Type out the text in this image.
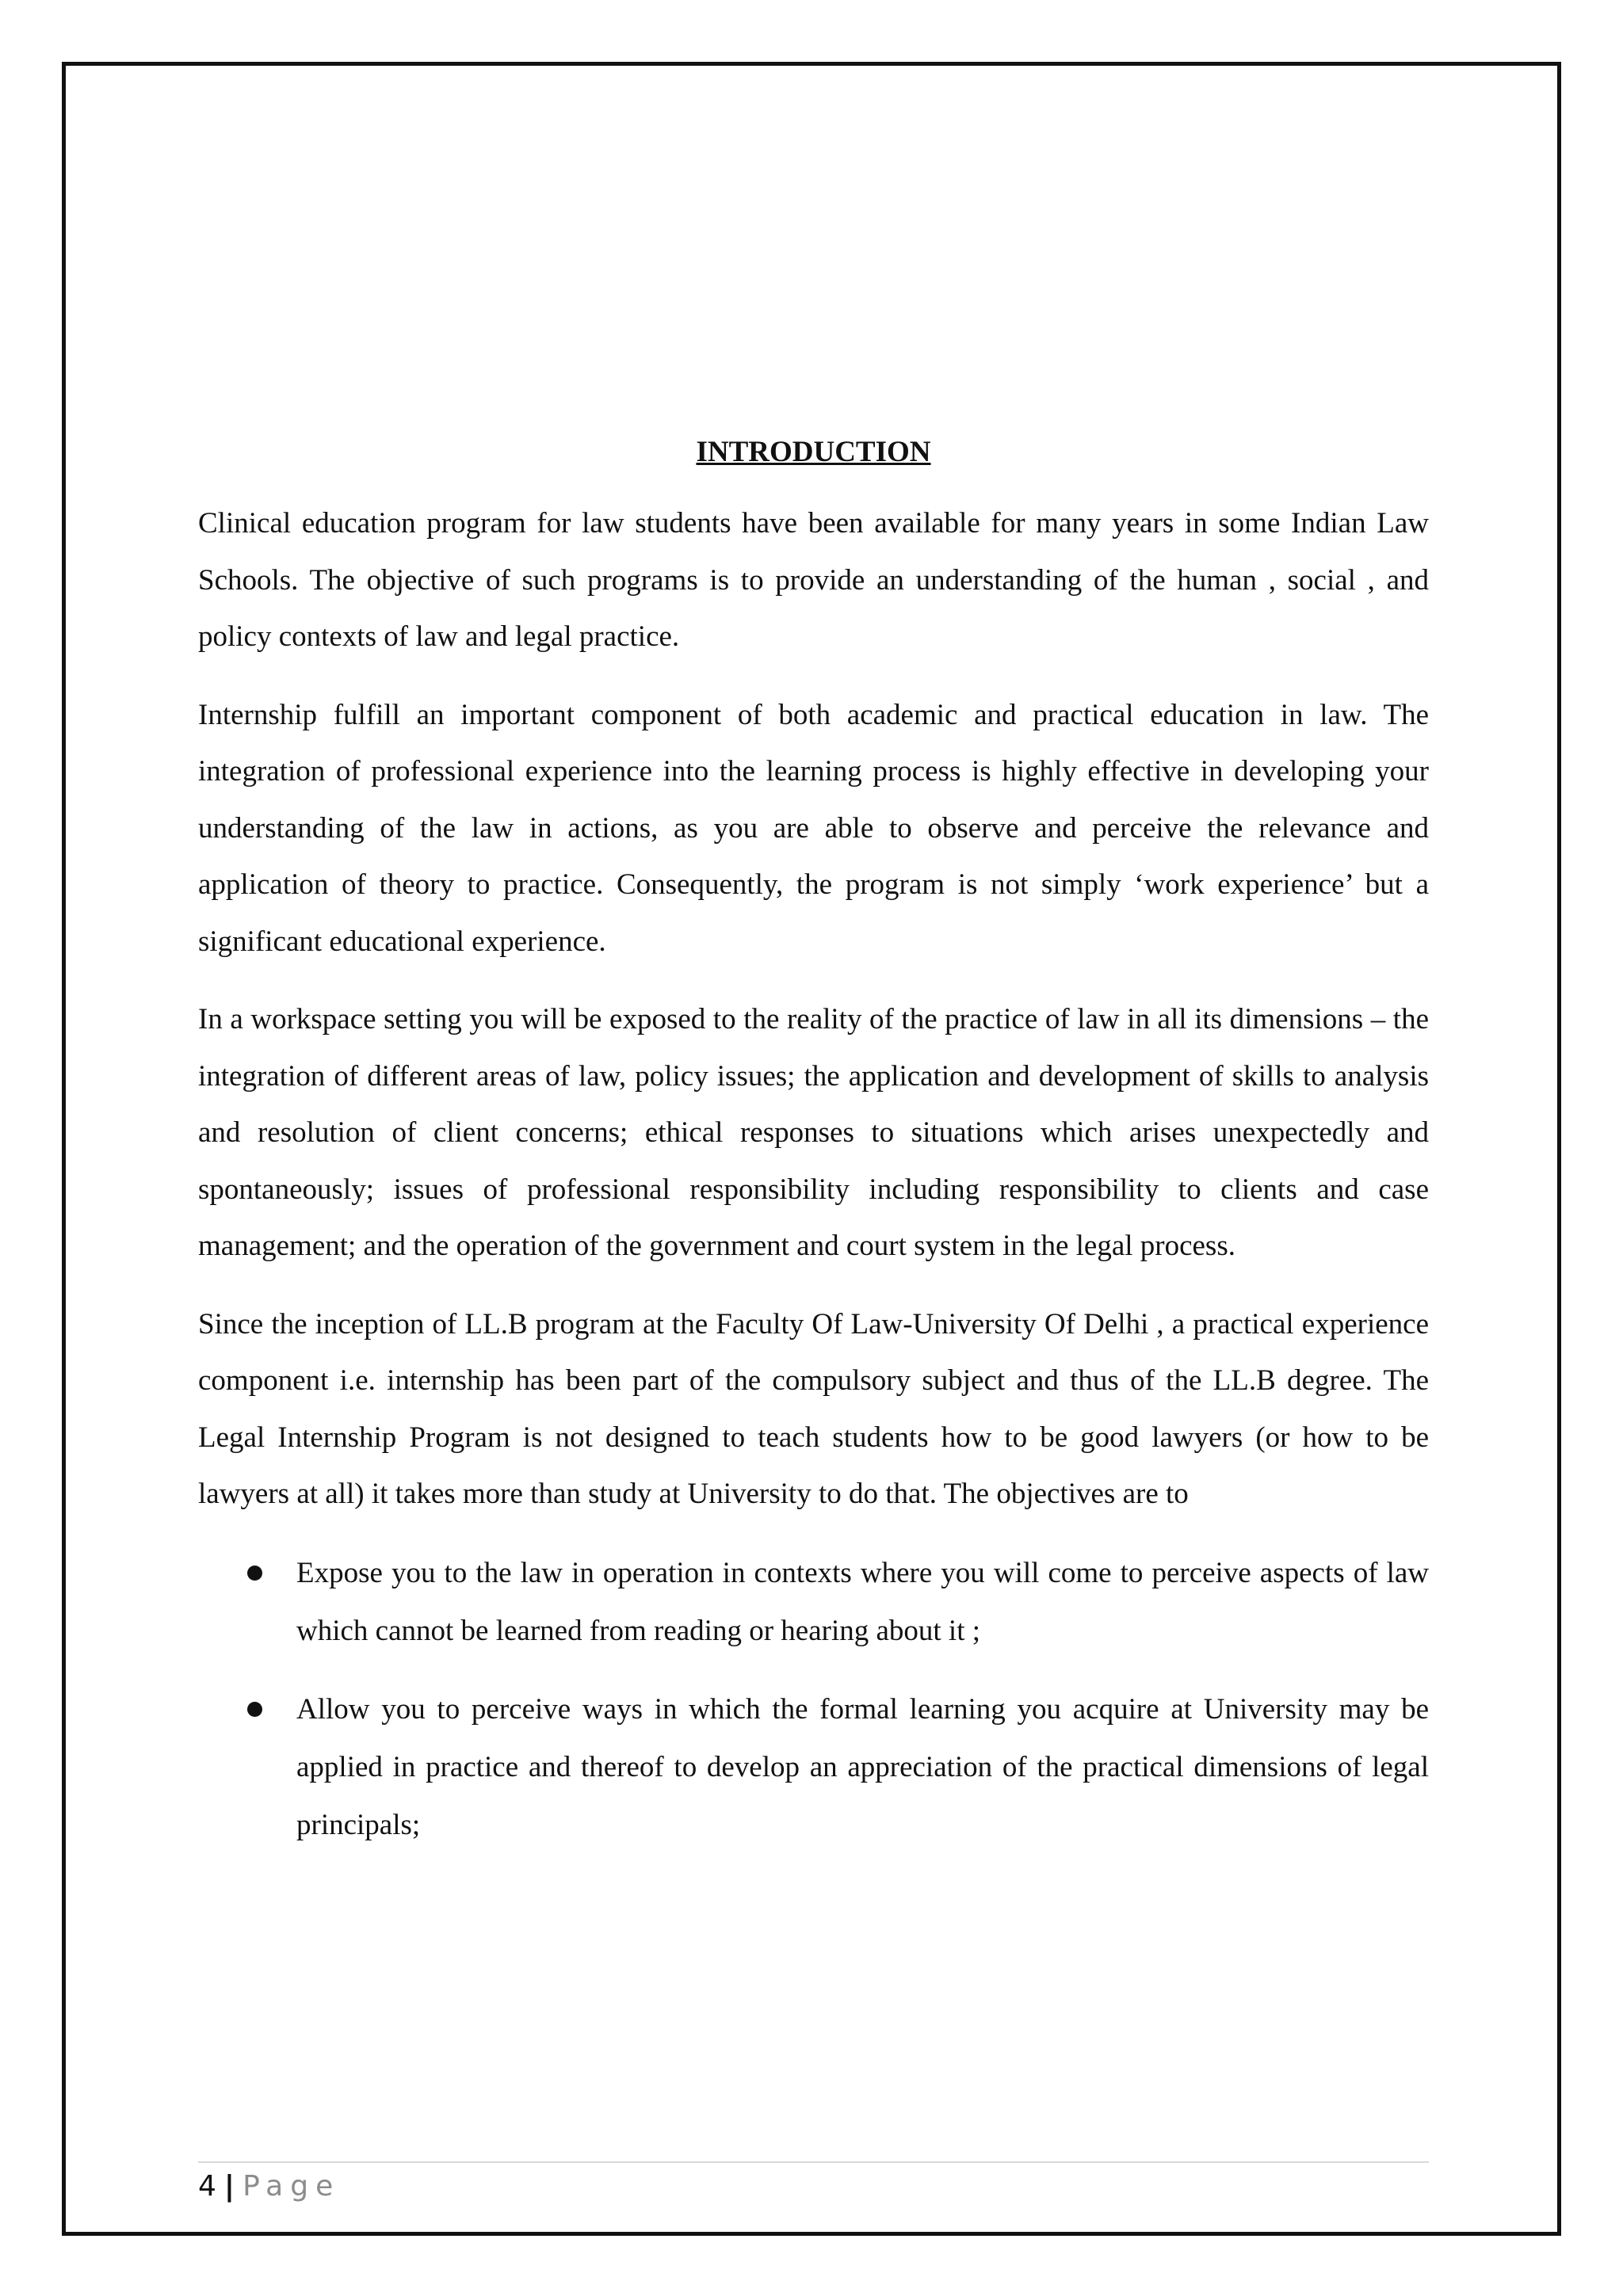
INTRODUCTION

Clinical education program for law students have been available for many years in some Indian Law Schools. The objective of such programs is to provide an understanding of the human , social , and policy contexts of law and legal practice.

Internship fulfill an important component of both academic and practical education in law. The integration of professional experience into the learning process is highly effective in developing your understanding of the law in actions, as you are able to observe and perceive the relevance and application of theory to practice. Consequently, the program is not simply ‘work experience’ but a significant educational experience.

In a workspace setting you will be exposed to the reality of the practice of law in all its dimensions – the integration of different areas of law, policy issues; the application and development of skills to analysis and resolution of client concerns; ethical responses to situations which arises unexpectedly and spontaneously; issues of professional responsibility including responsibility to clients and case management; and the operation of the government and court system in the legal process.

Since the inception of LL.B program at the Faculty Of Law-University Of Delhi , a practical experience component i.e. internship has been part of the compulsory subject and thus of the LL.B degree. The Legal Internship Program is not designed to teach students how to be good lawyers (or how to be lawyers at all) it takes more than study at University to do that. The objectives are to

Expose you to the law in operation in contexts where you will come to perceive aspects of law which cannot be learned from reading or hearing about it ;
Allow you to perceive ways in which the formal learning you acquire at University may be applied in practice and thereof to develop an appreciation of the practical dimensions of legal principals;
4 | Page
